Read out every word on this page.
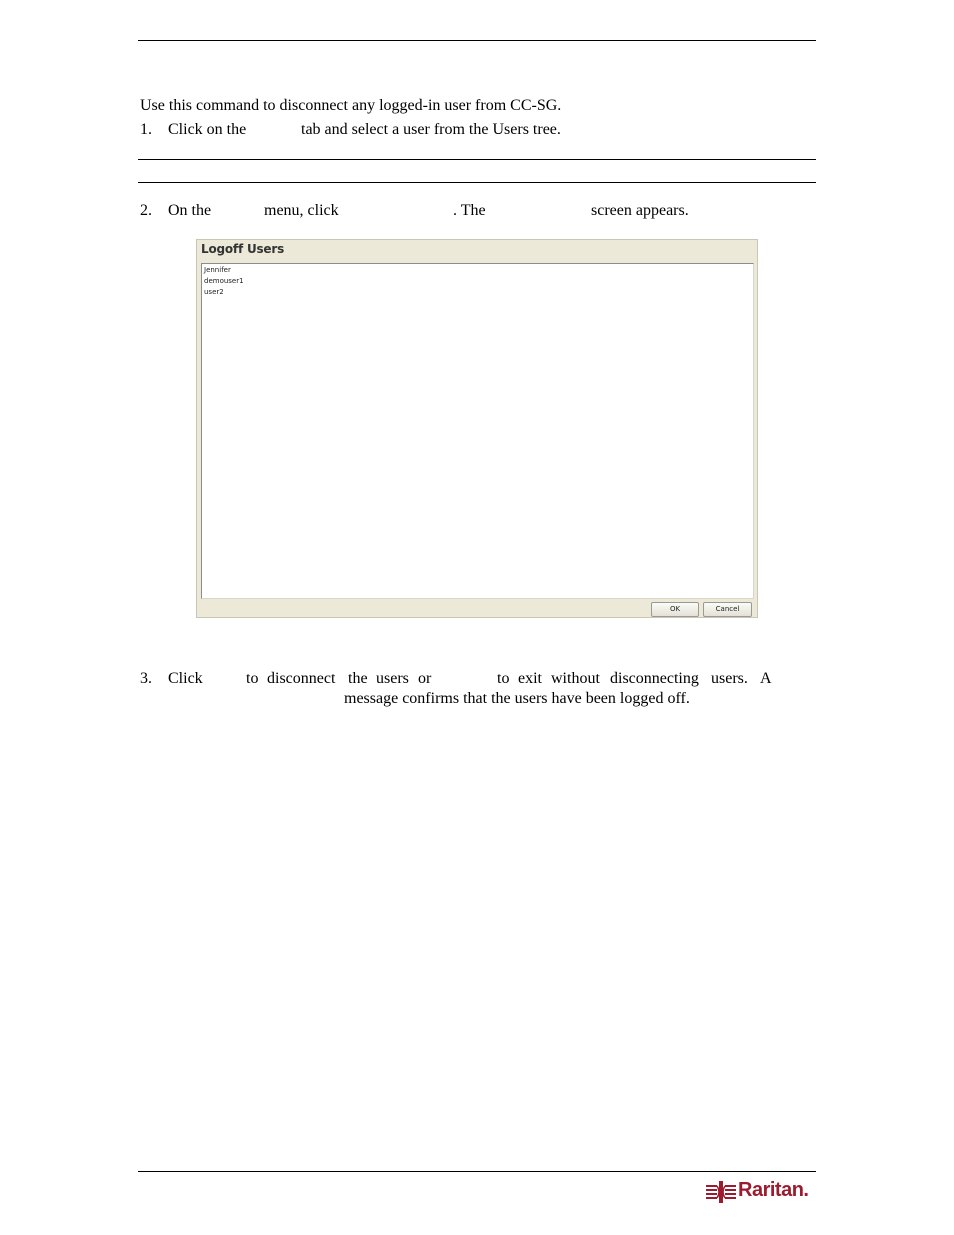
Use this command to disconnect any logged-in user from CC-SG.
1. Click on the	tab and select a user from the Users tree.
2. On the	menu, click	. The	screen appears.
Logoff Users
Jennifer
demouser1
user2
OK	Cancel
3. Click	to disconnect the users or	to exit without disconnecting users. A
message confirms that the users have been logged off.
Raritan.
